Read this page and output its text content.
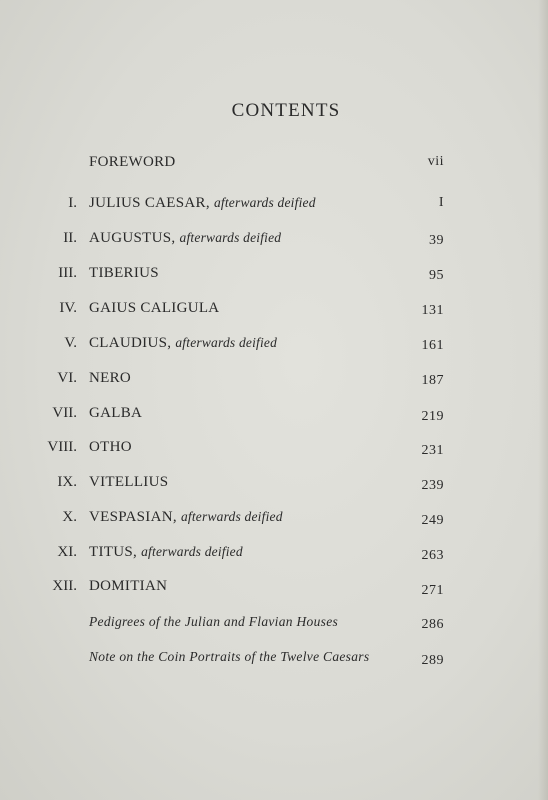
CONTENTS
FOREWORD	vii
I. JULIUS CAESAR, afterwards deified	I
II. AUGUSTUS, afterwards deified	39
III. TIBERIUS	95
IV. GAIUS CALIGULA	131
V. CLAUDIUS, afterwards deified	161
VI. NERO	187
VII. GALBA	219
VIII. OTHO	231
IX. VITELLIUS	239
X. VESPASIAN, afterwards deified	249
XI. TITUS, afterwards deified	263
XII. DOMITIAN	271
Pedigrees of the Julian and Flavian Houses	286
Note on the Coin Portraits of the Twelve Caesars	289
